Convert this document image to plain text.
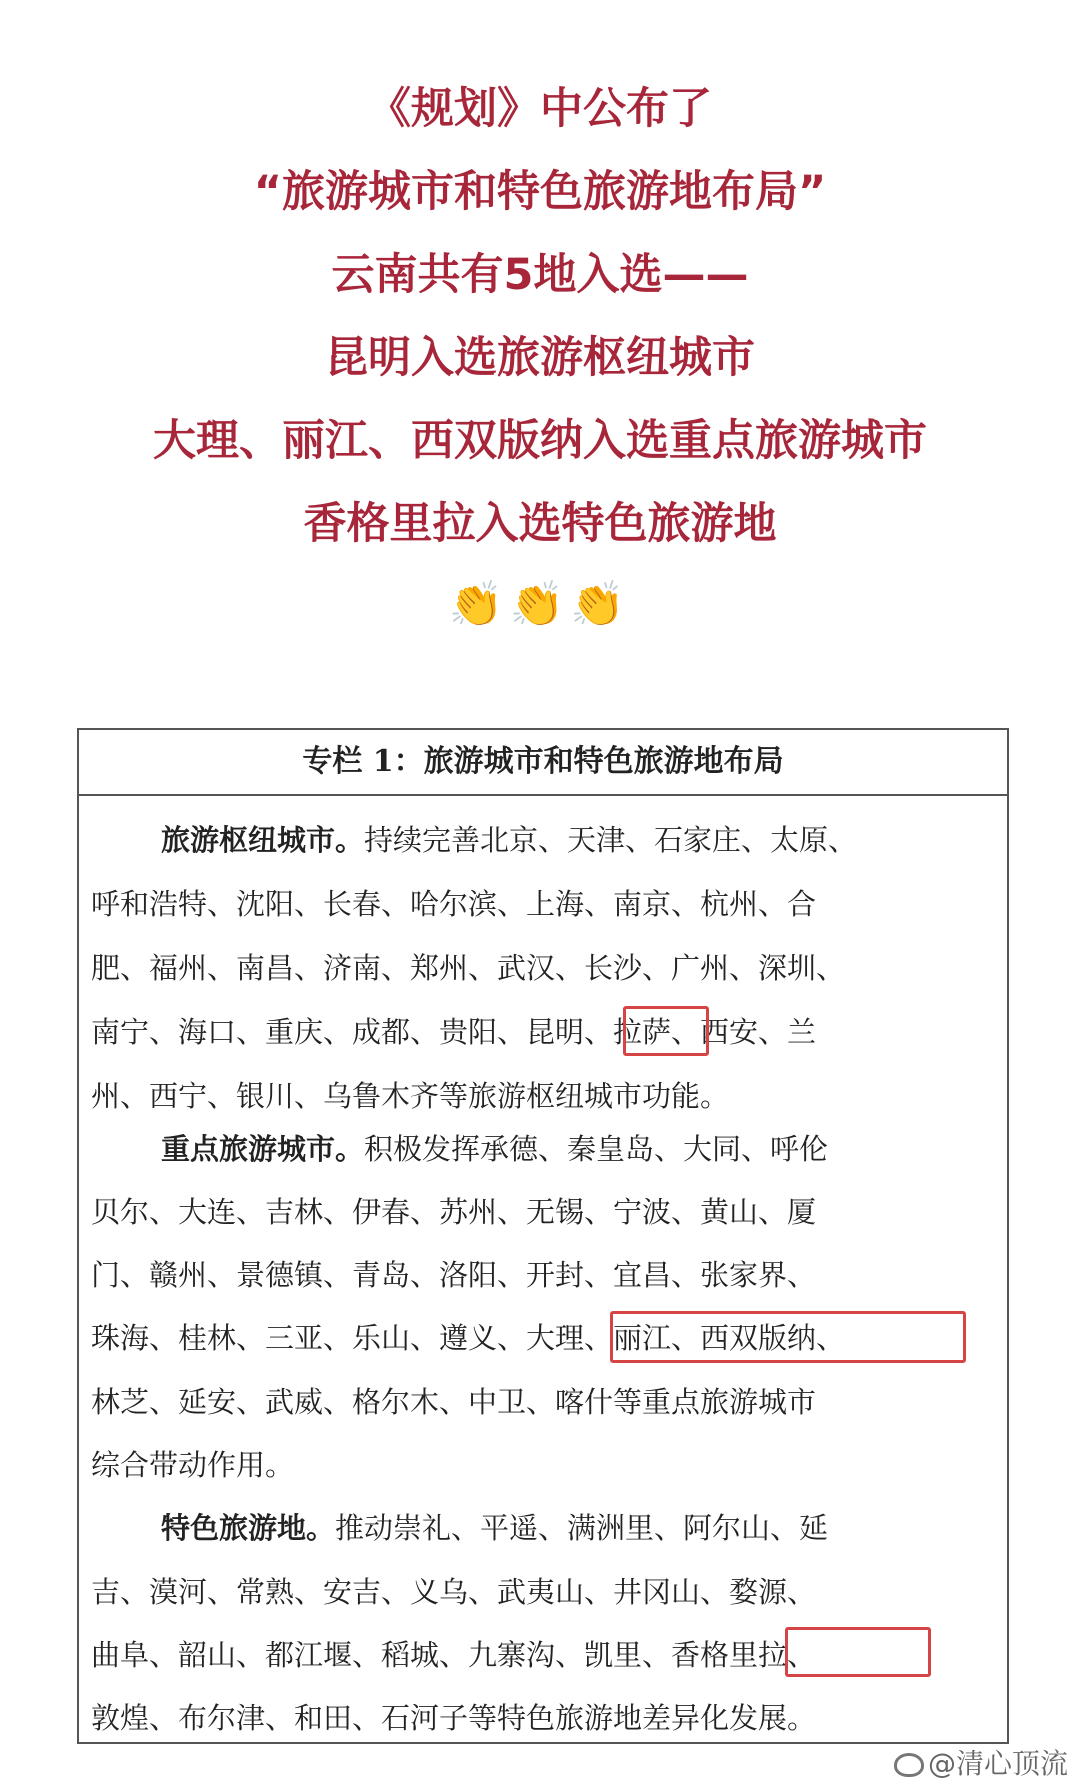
《规划》中公布了
“旅游城市和特色旅游地布局”
云南共有5地入选——
昆明入选旅游枢纽城市
大理、丽江、西双版纳入选重点旅游城市
香格里拉入选特色旅游地
👏👏👏
专栏 1：旅游城市和特色旅游地布局
旅游枢纽城市。持续完善北京、天津、石家庄、太原、
呼和浩特、沈阳、长春、哈尔滨、上海、南京、杭州、合
肥、福州、南昌、济南、郑州、武汉、长沙、广州、深圳、
南宁、海口、重庆、成都、贵阳、昆明、拉萨、西安、兰
州、西宁、银川、乌鲁木齐等旅游枢纽城市功能。
重点旅游城市。积极发挥承德、秦皇岛、大同、呼伦
贝尔、大连、吉林、伊春、苏州、无锡、宁波、黄山、厦
门、赣州、景德镇、青岛、洛阳、开封、宜昌、张家界、
珠海、桂林、三亚、乐山、遵义、大理、丽江、西双版纳、
林芝、延安、武威、格尔木、中卫、喀什等重点旅游城市
综合带动作用。
特色旅游地。推动崇礼、平遥、满洲里、阿尔山、延
吉、漠河、常熟、安吉、义乌、武夷山、井冈山、婺源、
曲阜、韶山、都江堰、稻城、九寨沟、凯里、香格里拉、
敦煌、布尔津、和田、石河子等特色旅游地差异化发展。
@清心顶流
